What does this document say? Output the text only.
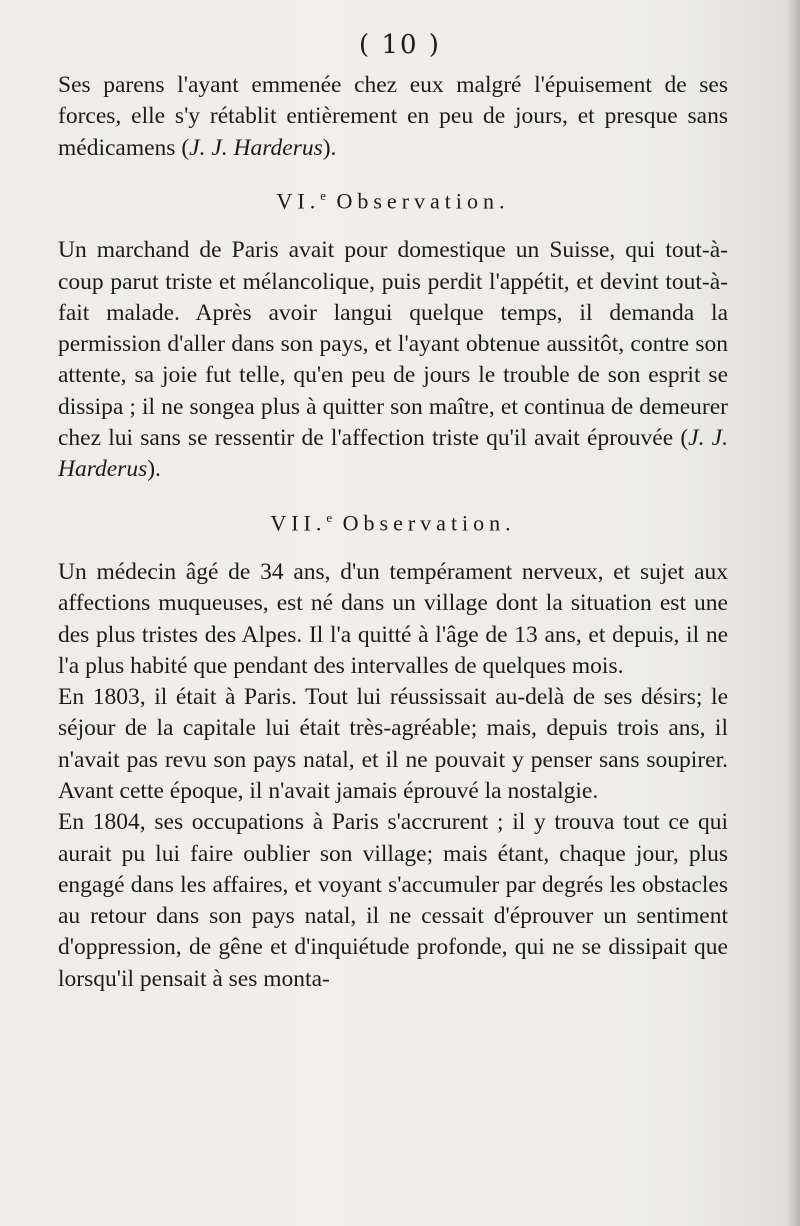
( 10 )

Ses parens l'ayant emmenée chez eux malgré l'épuisement de ses forces, elle s'y rétablit entièrement en peu de jours, et presque sans médicamens (J. J. Harderus).

VI.$^e$ Observation.

Un marchand de Paris avait pour domestique un Suisse, qui tout-à-coup parut triste et mélancolique, puis perdit l'appétit, et devint tout-à-fait malade. Après avoir langui quelque temps, il demanda la permission d'aller dans son pays, et l'ayant obtenue aussitôt, contre son attente, sa joie fut telle, qu'en peu de jours le trouble de son esprit se dissipa ; il ne songea plus à quitter son maître, et continua de demeurer chez lui sans se ressentir de l'affection triste qu'il avait éprouvée (J. J. Harderus).

VII.$^e$ Observation.

Un médecin âgé de 34 ans, d'un tempérament nerveux, et sujet aux affections muqueuses, est né dans un village dont la situation est une des plus tristes des Alpes. Il l'a quitté à l'âge de 13 ans, et depuis, il ne l'a plus habité que pendant des intervalles de quelques mois.

En 1803, il était à Paris. Tout lui réussissait au-delà de ses désirs; le séjour de la capitale lui était très-agréable; mais, depuis trois ans, il n'avait pas revu son pays natal, et il ne pouvait y penser sans soupirer. Avant cette époque, il n'avait jamais éprouvé la nostalgie.

En 1804, ses occupations à Paris s'accrurent ; il y trouva tout ce qui aurait pu lui faire oublier son village; mais étant, chaque jour, plus engagé dans les affaires, et voyant s'accumuler par degrés les obstacles au retour dans son pays natal, il ne cessait d'éprouver un sentiment d'oppression, de gêne et d'inquiétude profonde, qui ne se dissipait que lorsqu'il pensait à ses monta-
